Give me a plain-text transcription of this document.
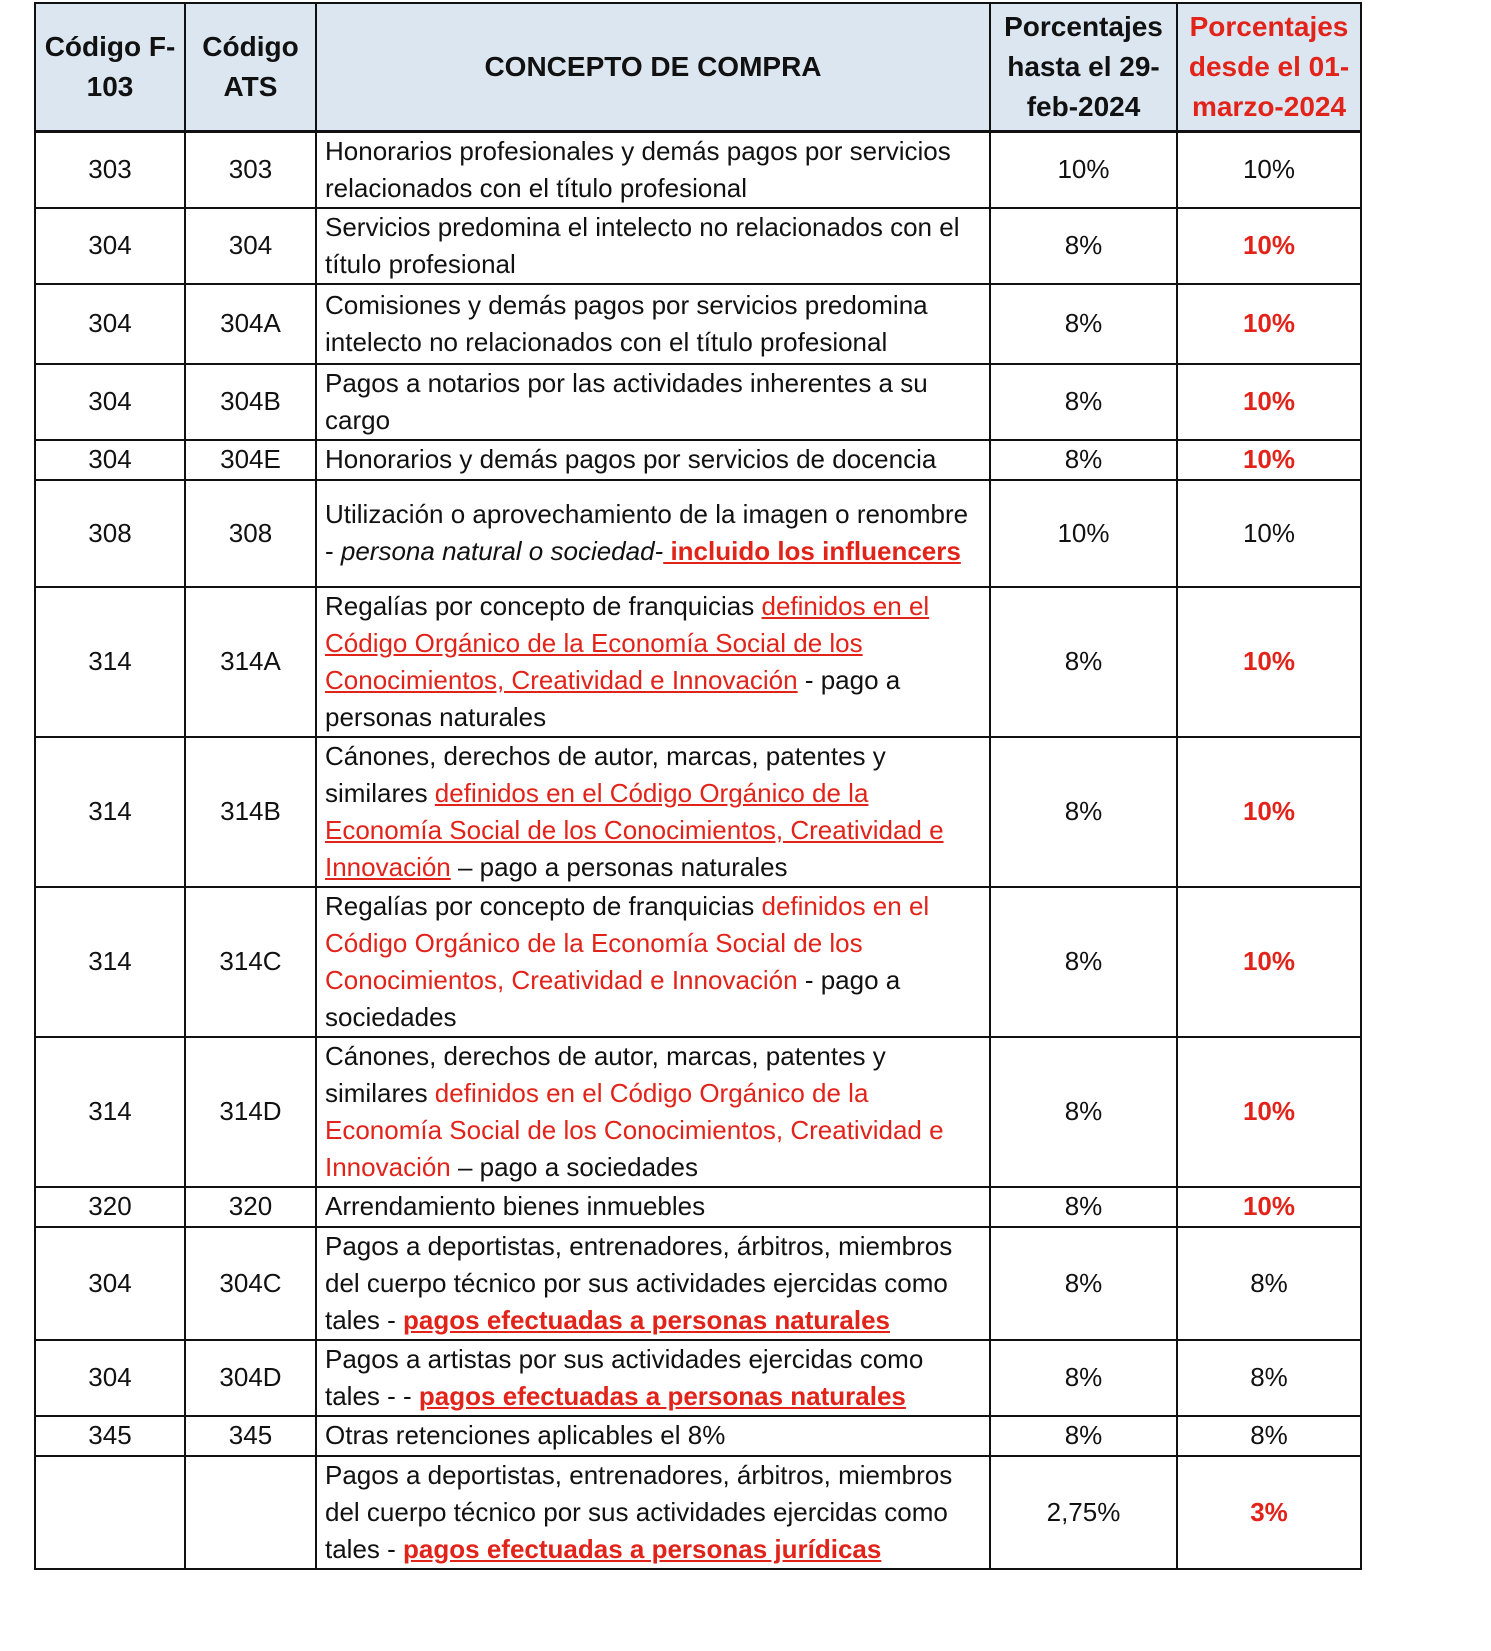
Código F-103	Código ATS	CONCEPTO DE COMPRA	Porcentajes hasta el 29-feb-2024	Porcentajes desde el 01-marzo-2024
303	303	Honorarios profesionales y demás pagos por servicios relacionados con el título profesional	10%	10%
304	304	Servicios predomina el intelecto no relacionados con el título profesional	8%	10%
304	304A	Comisiones y demás pagos por servicios predomina intelecto no relacionados con el título profesional	8%	10%
304	304B	Pagos a notarios por las actividades inherentes a su cargo	8%	10%
304	304E	Honorarios y demás pagos por servicios de docencia	8%	10%
308	308	Utilización o aprovechamiento de la imagen o renombre - persona natural o sociedad- incluido los influencers	10%	10%
314	314A	Regalías por concepto de franquicias definidos en el Código Orgánico de la Economía Social de los Conocimientos, Creatividad e Innovación - pago a personas naturales	8%	10%
314	314B	Cánones, derechos de autor, marcas, patentes y similares definidos en el Código Orgánico de la Economía Social de los Conocimientos, Creatividad e Innovación – pago a personas naturales	8%	10%
314	314C	Regalías por concepto de franquicias definidos en el Código Orgánico de la Economía Social de los Conocimientos, Creatividad e Innovación - pago a sociedades	8%	10%
314	314D	Cánones, derechos de autor, marcas, patentes y similares definidos en el Código Orgánico de la Economía Social de los Conocimientos, Creatividad e Innovación – pago a sociedades	8%	10%
320	320	Arrendamiento bienes inmuebles	8%	10%
304	304C	Pagos a deportistas, entrenadores, árbitros, miembros del cuerpo técnico por sus actividades ejercidas como tales - pagos efectuadas a personas naturales	8%	8%
304	304D	Pagos a artistas por sus actividades ejercidas como tales - - pagos efectuadas a personas naturales	8%	8%
345	345	Otras retenciones aplicables el 8%	8%	8%
		Pagos a deportistas, entrenadores, árbitros, miembros del cuerpo técnico por sus actividades ejercidas como tales - pagos efectuadas a personas jurídicas	2,75%	3%
